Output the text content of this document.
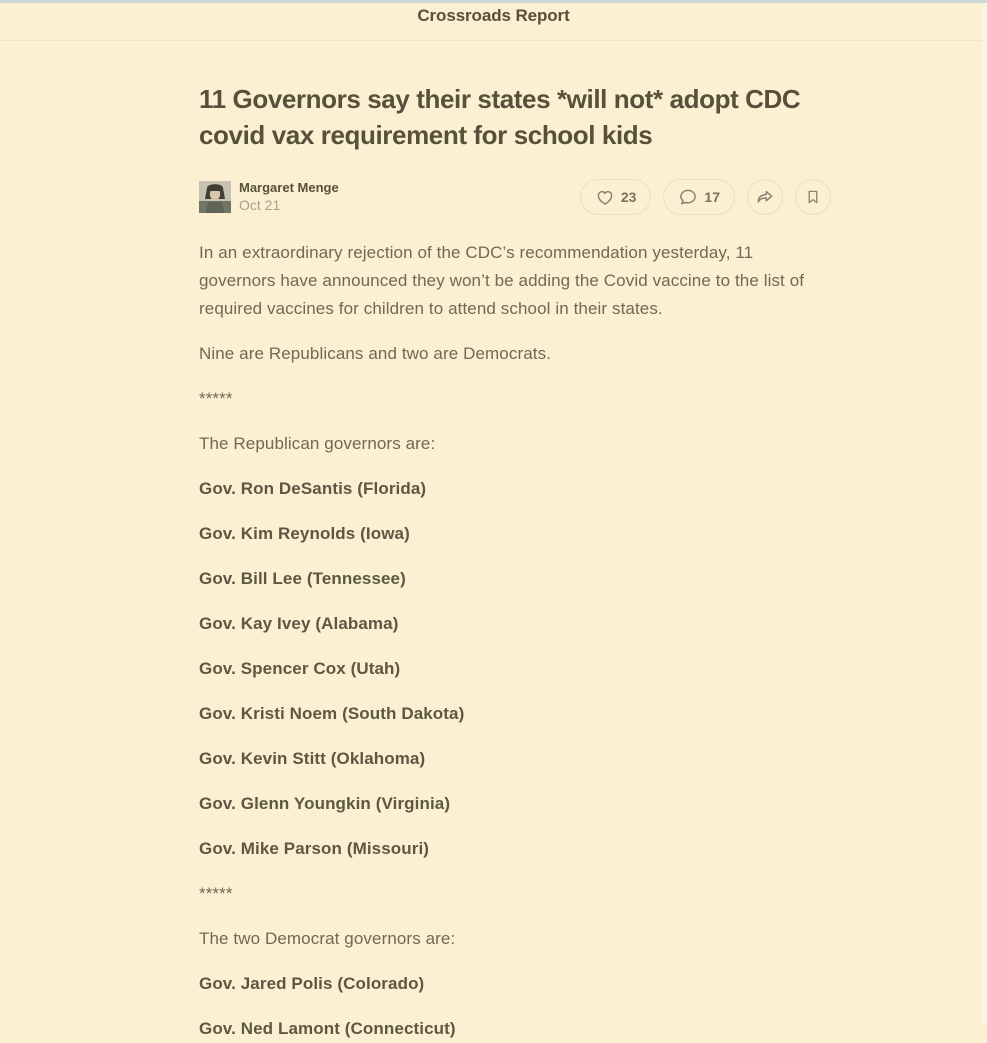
Crossroads Report
11 Governors say their states *will not* adopt CDC covid vax requirement for school kids
Margaret Menge
Oct 21	23	17

In an extraordinary rejection of the CDC’s recommendation yesterday, 11 governors have announced they won’t be adding the Covid vaccine to the list of required vaccines for children to attend school in their states.

Nine are Republicans and two are Democrats.

*****

The Republican governors are:

Gov. Ron DeSantis (Florida)

Gov. Kim Reynolds (Iowa)

Gov. Bill Lee (Tennessee)

Gov. Kay Ivey (Alabama)

Gov. Spencer Cox (Utah)

Gov. Kristi Noem (South Dakota)

Gov. Kevin Stitt (Oklahoma)

Gov. Glenn Youngkin (Virginia)

Gov. Mike Parson (Missouri)

*****

The two Democrat governors are:

Gov. Jared Polis (Colorado)

Gov. Ned Lamont (Connecticut)
